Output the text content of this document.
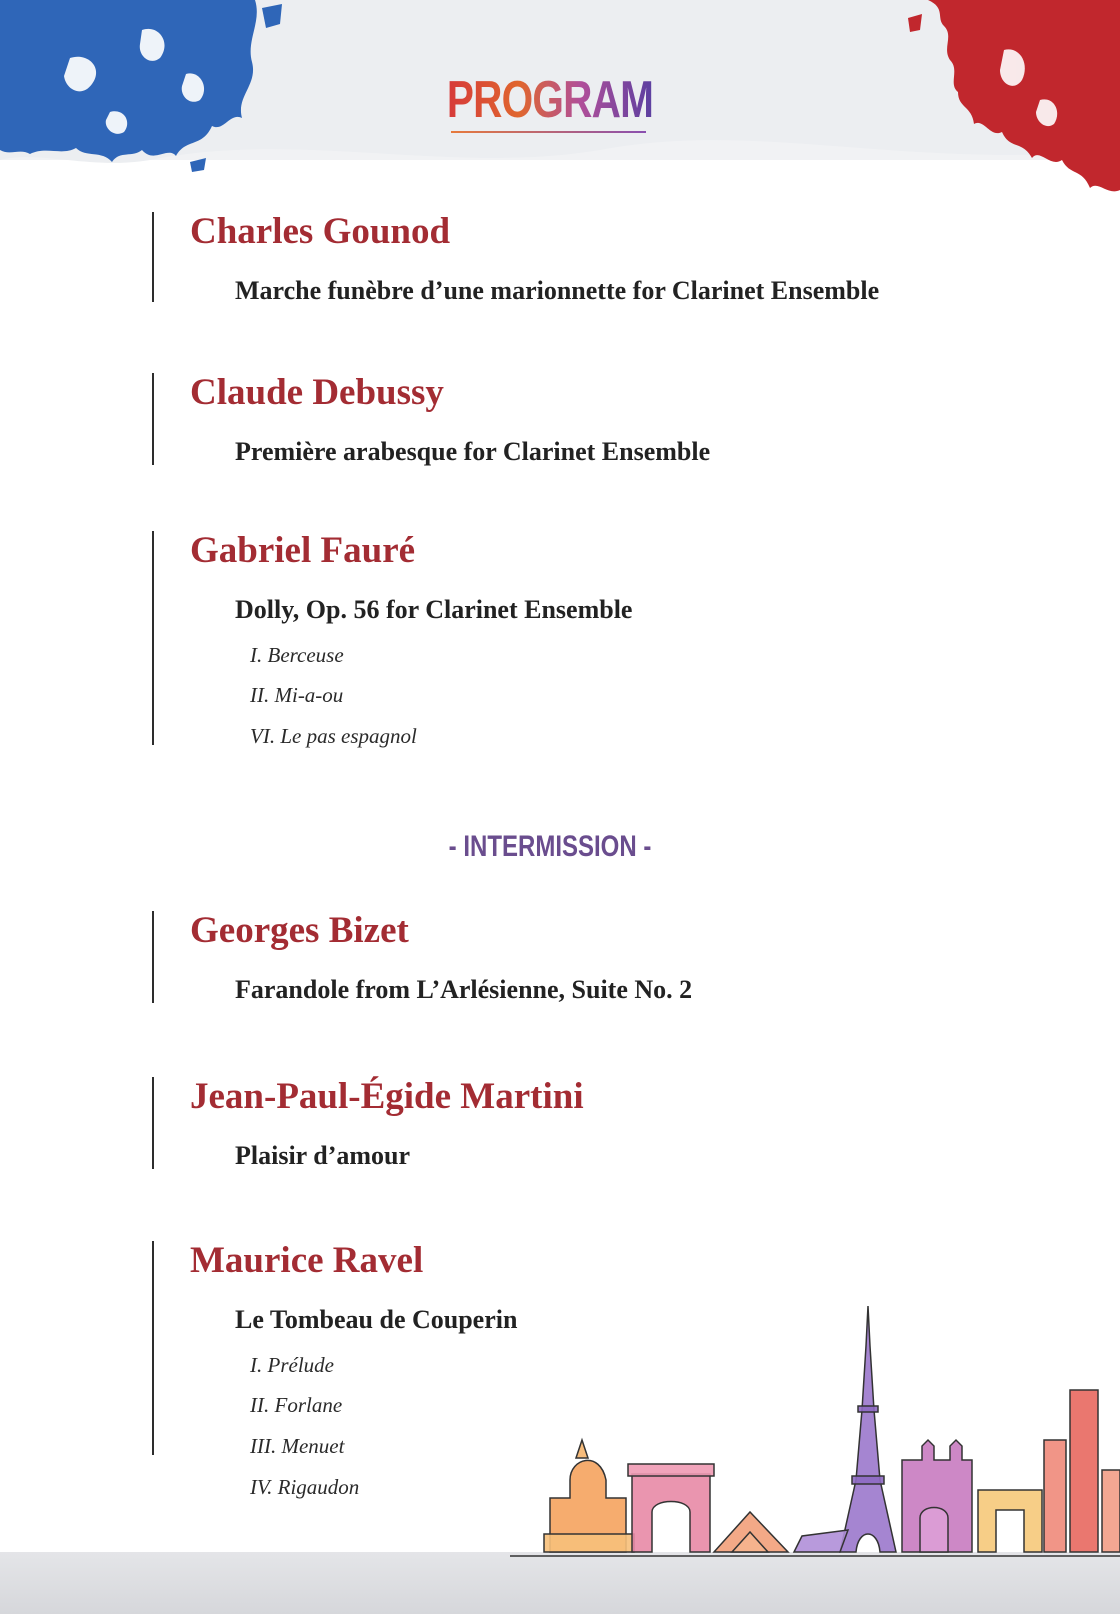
PROGRAM
Charles Gounod
Marche funèbre d’une marionnette for Clarinet Ensemble
Claude Debussy
Première arabesque for Clarinet Ensemble
Gabriel Fauré
Dolly, Op. 56 for Clarinet Ensemble
I. Berceuse
II. Mi-a-ou
VI. Le pas espagnol
- INTERMISSION -
Georges Bizet
Farandole from L’Arlésienne, Suite No. 2
Jean-Paul-Égide Martini
Plaisir d’amour
Maurice Ravel
Le Tombeau de Couperin
I. Prélude
II. Forlane
III. Menuet
IV. Rigaudon
